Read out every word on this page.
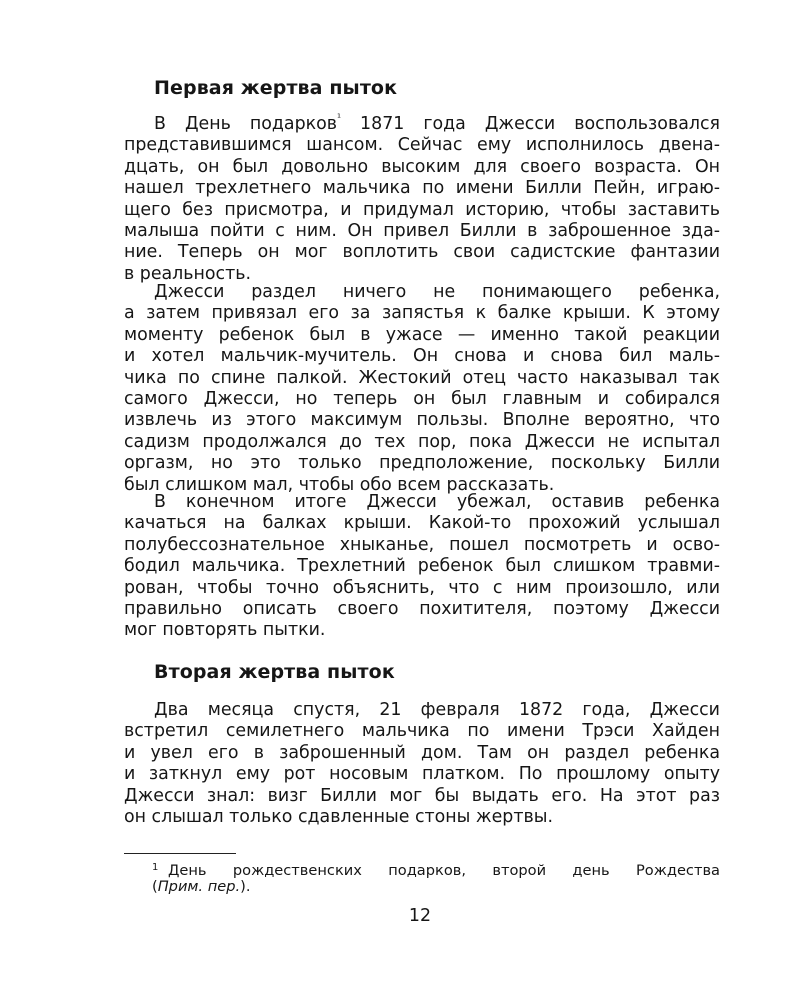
Первая жертва пыток
В День подарков$^{^1}$ 1871 года Джесси воспользовался
представившимся шансом. Сейчас ему исполнилось двена-
дцать, он был довольно высоким для своего возраста. Он
нашел трехлетнего мальчика по имени Билли Пейн, играю-
щего без присмотра, и придумал историю, чтобы заставить
малыша пойти с ним. Он привел Билли в заброшенное зда-
ние. Теперь он мог воплотить свои садистские фантазии
в реальность.
Джесси раздел ничего не понимающего ребенка,
а затем привязал его за запястья к балке крыши. К этому
моменту ребенок был в ужасе — именно такой реакции
и хотел мальчик-мучитель. Он снова и снова бил маль-
чика по спине палкой. Жестокий отец часто наказывал так
самого Джесси, но теперь он был главным и собирался
извлечь из этого максимум пользы. Вполне вероятно, что
садизм продолжался до тех пор, пока Джесси не испытал
оргазм, но это только предположение, поскольку Билли
был слишком мал, чтобы обо всем рассказать.
В конечном итоге Джесси убежал, оставив ребенка
качаться на балках крыши. Какой-то прохожий услышал
полубессознательное хныканье, пошел посмотреть и осво-
бодил мальчика. Трехлетний ребенок был слишком травми-
рован, чтобы точно объяснить, что с ним произошло, или
правильно описать своего похитителя, поэтому Джесси
мог повторять пытки.
Вторая жертва пыток
Два месяца спустя, 21 февраля 1872 года, Джесси
встретил семилетнего мальчика по имени Трэси Хайден
и увел его в заброшенный дом. Там он раздел ребенка
и заткнул ему рот носовым платком. По прошлому опыту
Джесси знал: визг Билли мог бы выдать его. На этот раз
он слышал только сдавленные стоны жертвы.
1 День рождественских подарков, второй день Рождества
(Прим. пер.).
12
